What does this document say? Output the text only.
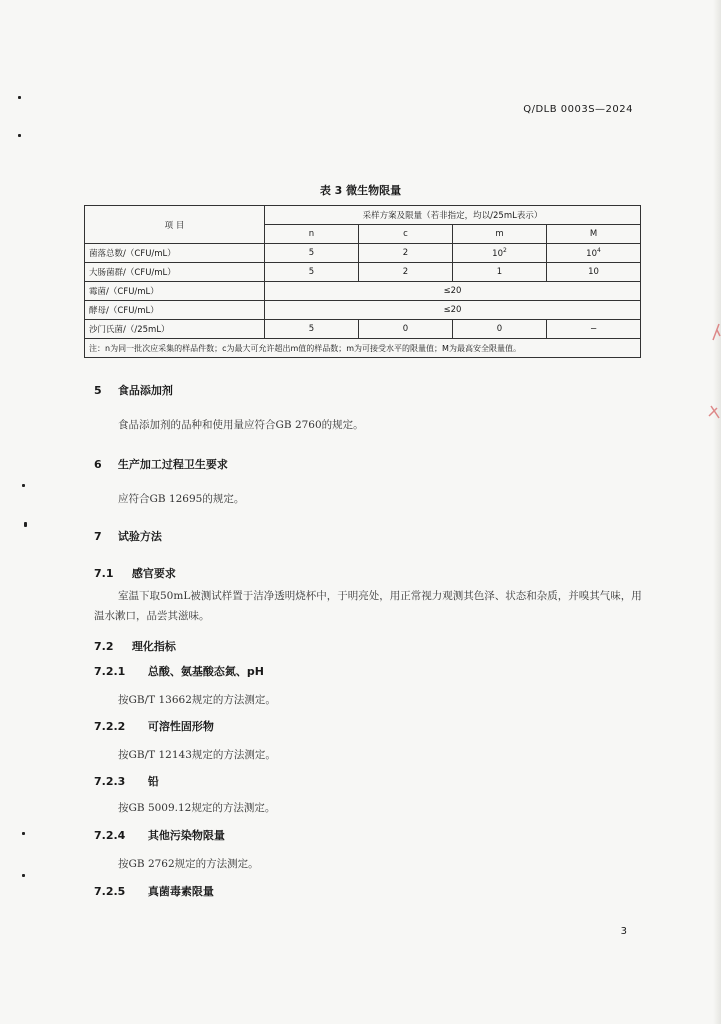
Q/DLB 0003S—2024
表 3 微生物限量
项 目	采样方案及限量（若非指定，均以/25mL表示）			
	n	c	m	M
菌落总数/（CFU/mL）	5	2	$10^2$	$10^4$
大肠菌群/（CFU/mL）	5	2	1	10
霉菌/（CFU/mL）	≤20			
酵母/（CFU/mL）	≤20			
沙门氏菌/（/25mL）	5	0	0	−
注：n为同一批次应采集的样品件数；c为最大可允许超出m值的样品数；m为可接受水平的限量值；M为最高安全限量值。				
5 食品添加剂
食品添加剂的品种和使用量应符合GB 2760的规定。
6 生产加工过程卫生要求
应符合GB 12695的规定。
7 试验方法
7.1 感官要求
室温下取50mL被测试样置于洁净透明烧杯中，于明亮处，用正常视力观测其色泽、状态和杂质，并嗅其气味，用温水漱口，品尝其滋味。
7.2 理化指标
7.2.1 总酸、氨基酸态氮、pH
按GB/T 13662规定的方法测定。
7.2.2 可溶性固形物
按GB/T 12143规定的方法测定。
7.2.3 铅
按GB 5009.12规定的方法测定。
7.2.4 其他污染物限量
按GB 2762规定的方法测定。
7.2.5 真菌毒素限量
3
